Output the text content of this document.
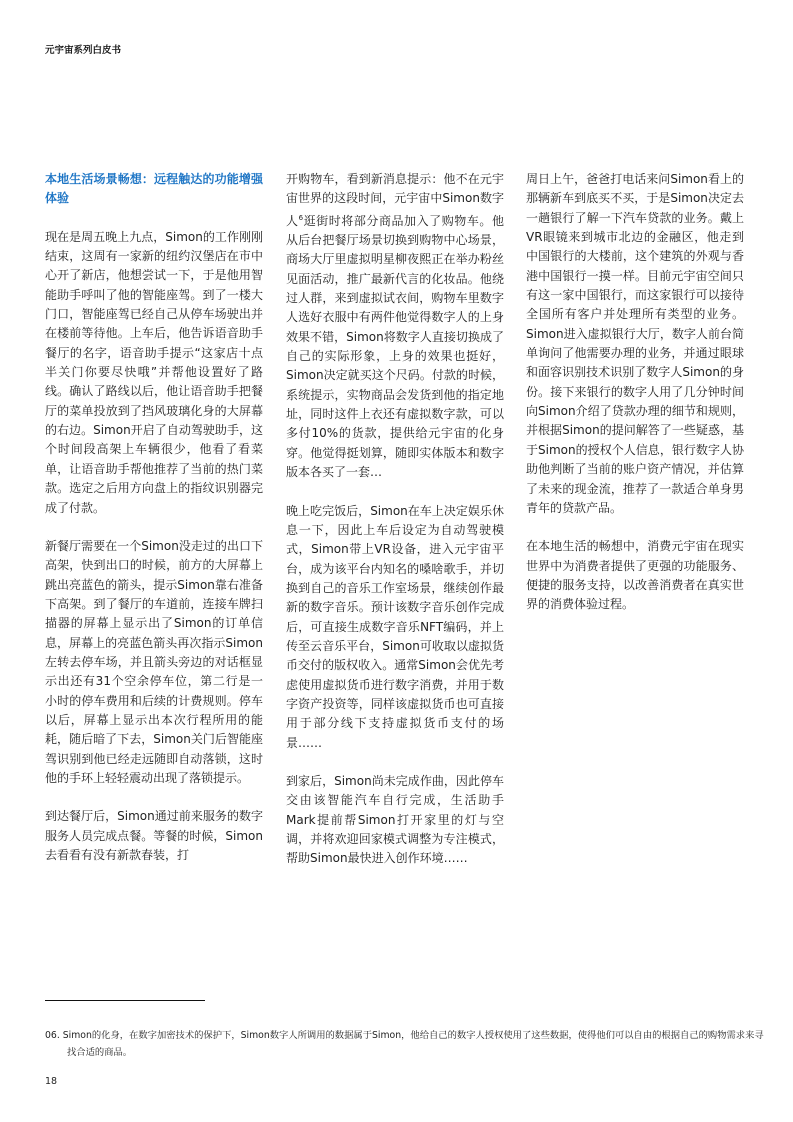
元宇宙系列白皮书

本地生活场景畅想：远程触达的功能增强体验

现在是周五晚上九点，Simon的工作刚刚结束，这周有一家新的纽约汉堡店在市中心开了新店，他想尝试一下，于是他用智能助手呼叫了他的智能座驾。到了一楼大门口，智能座驾已经自己从停车场驶出并在楼前等待他。上车后，他告诉语音助手餐厅的名字，语音助手提示“这家店十点半关门你要尽快哦”并帮他设置好了路线。确认了路线以后，他让语音助手把餐厅的菜单投放到了挡风玻璃化身的大屏幕的右边。Simon开启了自动驾驶助手，这个时间段高架上车辆很少，他看了看菜单，让语音助手帮他推荐了当前的热门菜款。选定之后用方向盘上的指纹识别器完成了付款。

新餐厅需要在一个Simon没走过的出口下高架，快到出口的时候，前方的大屏幕上跳出亮蓝色的箭头，提示Simon靠右准备下高架。到了餐厅的车道前，连接车牌扫描器的屏幕上显示出了Simon的订单信息，屏幕上的亮蓝色箭头再次指示Simon左转去停车场，并且箭头旁边的对话框显示出还有31个空余停车位，第二行是一小时的停车费用和后续的计费规则。停车以后，屏幕上显示出本次行程所用的能耗，随后暗了下去，Simon关门后智能座驾识别到他已经走远随即自动落锁，这时他的手环上轻轻震动出现了落锁提示。

到达餐厅后，Simon通过前来服务的数字服务人员完成点餐。等餐的时候，Simon去看看有没有新款春装，打

开购物车，看到新消息提示：他不在元宇宙世界的这段时间，元宇宙中Simon数字人$^6$逛街时将部分商品加入了购物车。他从后台把餐厅场景切换到购物中心场景，商场大厅里虚拟明星柳夜熙正在举办粉丝见面活动，推广最新代言的化妆品。他绕过人群，来到虚拟试衣间，购物车里数字人选好衣服中有两件他觉得数字人的上身效果不错，Simon将数字人直接切换成了自己的实际形象，上身的效果也挺好，Simon决定就买这个尺码。付款的时候，系统提示，实物商品会发货到他的指定地址，同时这件上衣还有虚拟数字款，可以多付10%的货款，提供给元宇宙的化身穿。他觉得挺划算，随即实体版本和数字版本各买了一套…

晚上吃完饭后，Simon在车上决定娱乐休息一下，因此上车后设定为自动驾驶模式，Simon带上VR设备，进入元宇宙平台，成为该平台内知名的嗓啥歌手，并切换到自己的音乐工作室场景，继续创作最新的数字音乐。预计该数字音乐创作完成后，可直接生成数字音乐NFT编码，并上传至云音乐平台，Simon可收取以虚拟货币交付的版权收入。通常Simon会优先考虑使用虚拟货币进行数字消费，并用于数字资产投资等，同样该虚拟货币也可直接用于部分线下支持虚拟货币支付的场景……

到家后，Simon尚未完成作曲，因此停车交由该智能汽车自行完成，生活助手Mark提前帮Simon打开家里的灯与空调，并将欢迎回家模式调整为专注模式，帮助Simon最快进入创作环境……

周日上午，爸爸打电话来问Simon看上的那辆新车到底买不买，于是Simon决定去一趟银行了解一下汽车贷款的业务。戴上VR眼镜来到城市北边的金融区，他走到中国银行的大楼前，这个建筑的外观与香港中国银行一摸一样。目前元宇宙空间只有这一家中国银行，而这家银行可以接待全国所有客户并处理所有类型的业务。Simon进入虚拟银行大厅，数字人前台简单询问了他需要办理的业务，并通过眼球和面容识别技术识别了数字人Simon的身份。接下来银行的数字人用了几分钟时间向Simon介绍了贷款办理的细节和规则，并根据Simon的提问解答了一些疑惑，基于Simon的授权个人信息，银行数字人协助他判断了当前的账户资产情况，并估算了未来的现金流，推荐了一款适合单身男青年的贷款产品。

在本地生活的畅想中，消费元宇宙在现实世界中为消费者提供了更强的功能服务、便捷的服务支持，以改善消费者在真实世界的消费体验过程。

06. Simon的化身，在数字加密技术的保护下，Simon数字人所调用的数据属于Simon，他给自己的数字人授权使用了这些数据，使得他们可以自由的根据自己的购物需求来寻找合适的商品。
18
